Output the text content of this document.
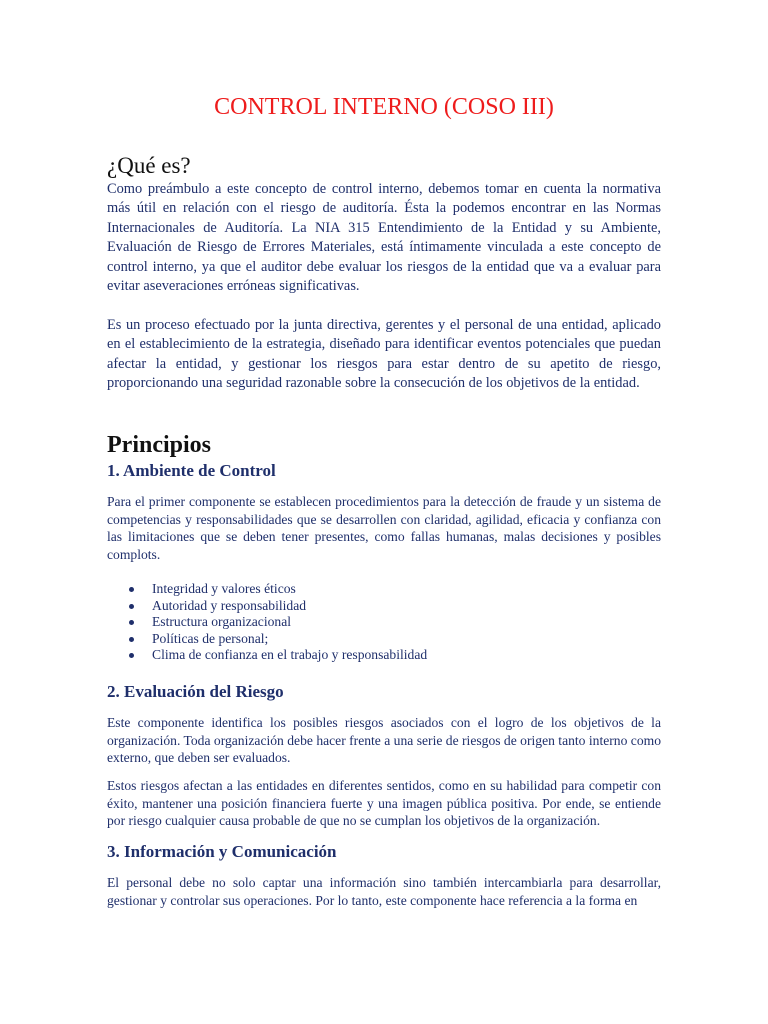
CONTROL INTERNO (COSO III)
¿Qué es?

Como preámbulo a este concepto de control interno, debemos tomar en cuenta la normativa más útil en relación con el riesgo de auditoría. Ésta la podemos encontrar en las Normas Internacionales de Auditoría. La NIA 315 Entendimiento de la Entidad y su Ambiente, Evaluación de Riesgo de Errores Materiales, está íntimamente vinculada a este concepto de control interno, ya que el auditor debe evaluar los riesgos de la entidad que va a evaluar para evitar aseveraciones erróneas significativas.

Es un proceso efectuado por la junta directiva, gerentes y el personal de una entidad, aplicado en el establecimiento de la estrategia, diseñado para identificar eventos potenciales que puedan afectar la entidad, y gestionar los riesgos para estar dentro de su apetito de riesgo, proporcionando una seguridad razonable sobre la consecución de los objetivos de la entidad.

Principios
1. Ambiente de Control

Para el primer componente se establecen procedimientos para la detección de fraude y un sistema de competencias y responsabilidades que se desarrollen con claridad, agilidad, eficacia y confianza con las limitaciones que se deben tener presentes, como fallas humanas, malas decisiones y posibles complots.

Integridad y valores éticos
Autoridad y responsabilidad
Estructura organizacional
Políticas de personal;
Clima de confianza en el trabajo y responsabilidad
2. Evaluación del Riesgo

Este componente identifica los posibles riesgos asociados con el logro de los objetivos de la organización. Toda organización debe hacer frente a una serie de riesgos de origen tanto interno como externo, que deben ser evaluados.

Estos riesgos afectan a las entidades en diferentes sentidos, como en su habilidad para competir con éxito, mantener una posición financiera fuerte y una imagen pública positiva. Por ende, se entiende por riesgo cualquier causa probable de que no se cumplan los objetivos de la organización.

3. Información y Comunicación

El personal debe no solo captar una información sino también intercambiarla para desarrollar, gestionar y controlar sus operaciones. Por lo tanto, este componente hace referencia a la forma en
